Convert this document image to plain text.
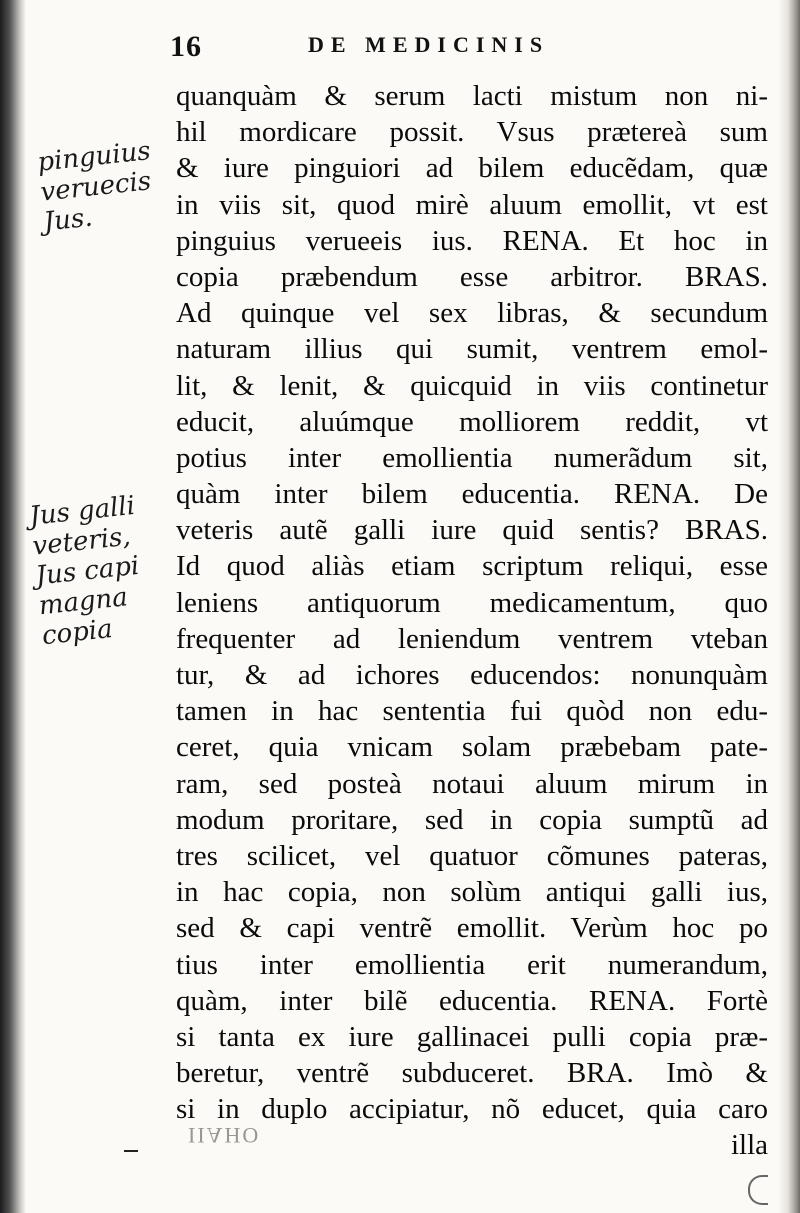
16	DE MEDICINIS
pinguius
veruecis
Jus.
Jus galli
veteris,
Jus capi
magna
copia
quanquàm & serum lacti mistum non ni-
hil mordicare possit. Vsus prætereà sum
& iure pinguiori ad bilem educẽdam, quæ
in viis sit, quod mirè aluum emollit, vt est
pinguius verueeis ius. RENA. Et hoc in
copia præbendum esse arbitror. BRAS.
Ad quinque vel sex libras, & secundum
naturam illius qui sumit, ventrem emol-
lit, & lenit, & quicquid in viis continetur
educit, aluúmque molliorem reddit, vt
potius inter emollientia numerãdum sit,
quàm inter bilem educentia. RENA. De
veteris autẽ galli iure quid sentis? BRAS.
Id quod aliàs etiam scriptum reliqui, esse
leniens antiquorum medicamentum, quo
frequenter ad leniendum ventrem vteban
tur, & ad ichores educendos: nonunquàm
tamen in hac sententia fui quòd non edu-
ceret, quia vnicam solam præbebam pate-
ram, sed posteà notaui aluum mirum in
modum proritare, sed in copia sumptũ ad
tres scilicet, vel quatuor cõmunes pateras,
in hac copia, non solùm antiqui galli ius,
sed & capi ventrẽ emollit. Verùm hoc po
tius inter emollientia erit numerandum,
quàm, inter bilẽ educentia. RENA. Fortè
si tanta ex iure gallinacei pulli copia præ-
beretur, ventrẽ subduceret. BRA. Imò &
si in duplo accipiatur, nõ educet, quia caro
illa
IIAHO
